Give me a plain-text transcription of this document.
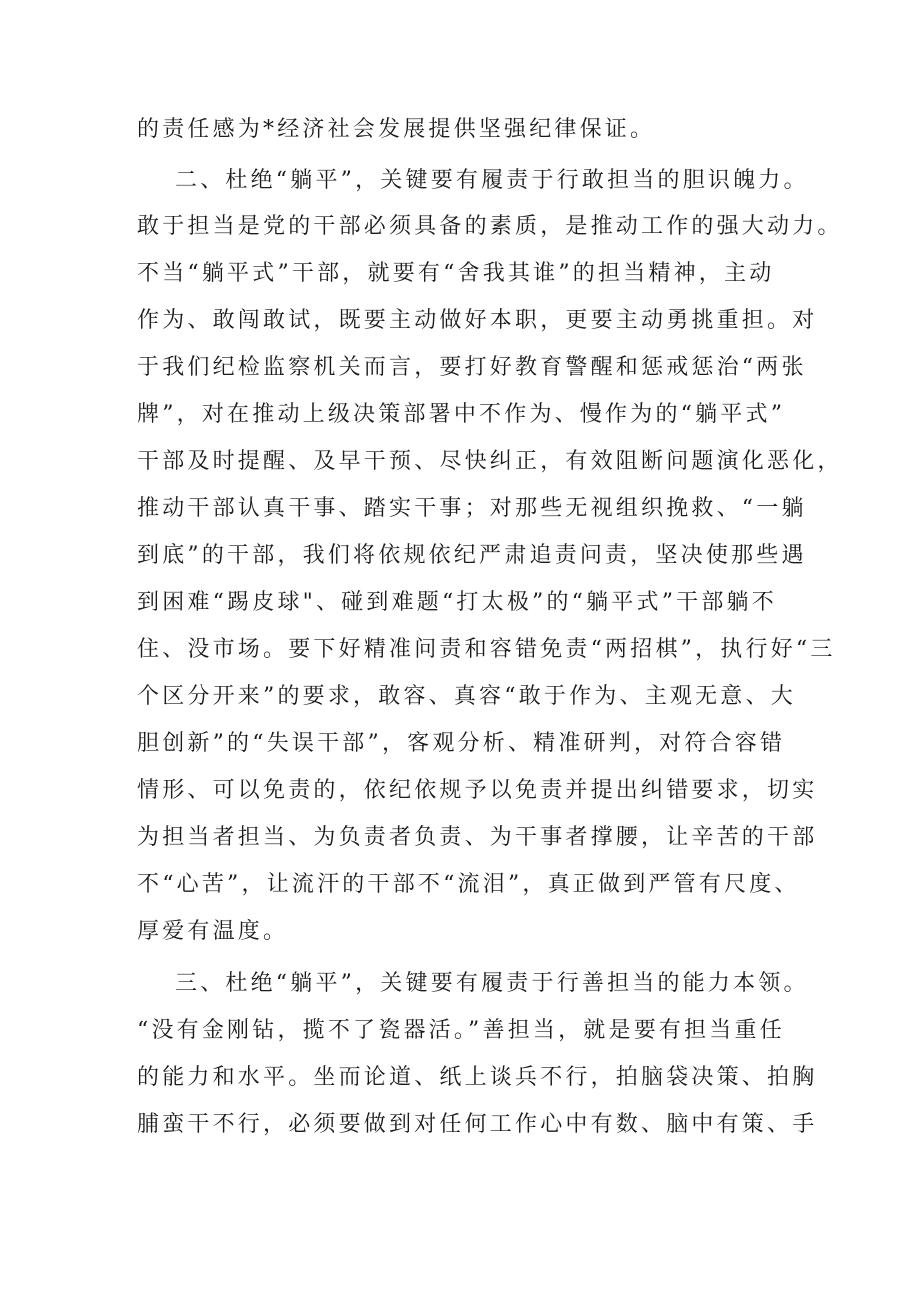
的责任感为*经济社会发展提供坚强纪律保证。
二、杜绝“躺平”，关键要有履责于行敢担当的胆识魄力。
敢于担当是党的干部必须具备的素质，是推动工作的强大动力。
不当“躺平式”干部，就要有“舍我其谁”的担当精神，主动
作为、敢闯敢试，既要主动做好本职，更要主动勇挑重担。对
于我们纪检监察机关而言，要打好教育警醒和惩戒惩治“两张
牌”，对在推动上级决策部署中不作为、慢作为的“躺平式”
干部及时提醒、及早干预、尽快纠正，有效阻断问题演化恶化，
推动干部认真干事、踏实干事；对那些无视组织挽救、“一躺
到底”的干部，我们将依规依纪严肃追责问责，坚决使那些遇
到困难“踢皮球"、碰到难题“打太极”的“躺平式”干部躺不
住、没市场。要下好精准问责和容错免责“两招棋”，执行好“三
个区分开来”的要求，敢容、真容“敢于作为、主观无意、大
胆创新”的“失误干部”，客观分析、精准研判，对符合容错
情形、可以免责的，依纪依规予以免责并提出纠错要求，切实
为担当者担当、为负责者负责、为干事者撑腰，让辛苦的干部
不“心苦”，让流汗的干部不“流泪”，真正做到严管有尺度、
厚爱有温度。
三、杜绝“躺平”，关键要有履责于行善担当的能力本领。
“没有金刚钻，揽不了瓷器活。”善担当，就是要有担当重任
的能力和水平。坐而论道、纸上谈兵不行，拍脑袋决策、拍胸
脯蛮干不行，必须要做到对任何工作心中有数、脑中有策、手
